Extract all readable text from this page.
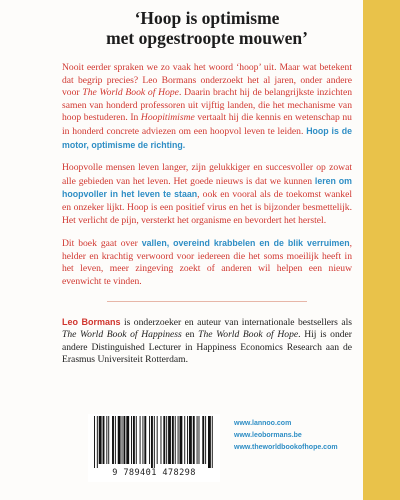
‘Hoop is optimisme
met opgestroopte mouwen’

Nooit eerder spraken we zo vaak het woord ‘hoop’ uit. Maar wat betekent dat begrip precies? Leo Bormans onderzoekt het al jaren, onder andere voor The World Book of Hope. Daarin bracht hij de belangrijkste inzichten samen van honderd professoren uit vijftig landen, die het mechanisme van hoop bestuderen. In Hoopitimisme vertaalt hij die kennis en wetenschap nu in honderd concrete adviezen om een hoopvol leven te leiden. Hoop is de motor, optimisme de richting.

Hoopvolle mensen leven langer, zijn gelukkiger en succesvoller op zowat alle gebieden van het leven. Het goede nieuws is dat we kunnen leren om hoopvoller in het leven te staan, ook en vooral als de toekomst wankel en onzeker lijkt. Hoop is een positief virus en het is bijzonder besmettelijk. Het verlicht de pijn, versterkt het organisme en bevordert het herstel.

Dit boek gaat over vallen, overeind krabbelen en de blik verruimen, helder en krachtig verwoord voor iedereen die het soms moeilijk heeft in het leven, meer zingeving zoekt of anderen wil helpen een nieuw evenwicht te vinden.

Leo Bormans is onderzoeker en auteur van internationale bestsellers als The World Book of Happiness en The World Book of Hope. Hij is onder andere Distinguished Lecturer in Happiness Economics Research aan de Erasmus Universiteit Rotterdam.

9 789401 478298
www.lannoo.com
www.leobormans.be
www.theworldbookofhope.com
